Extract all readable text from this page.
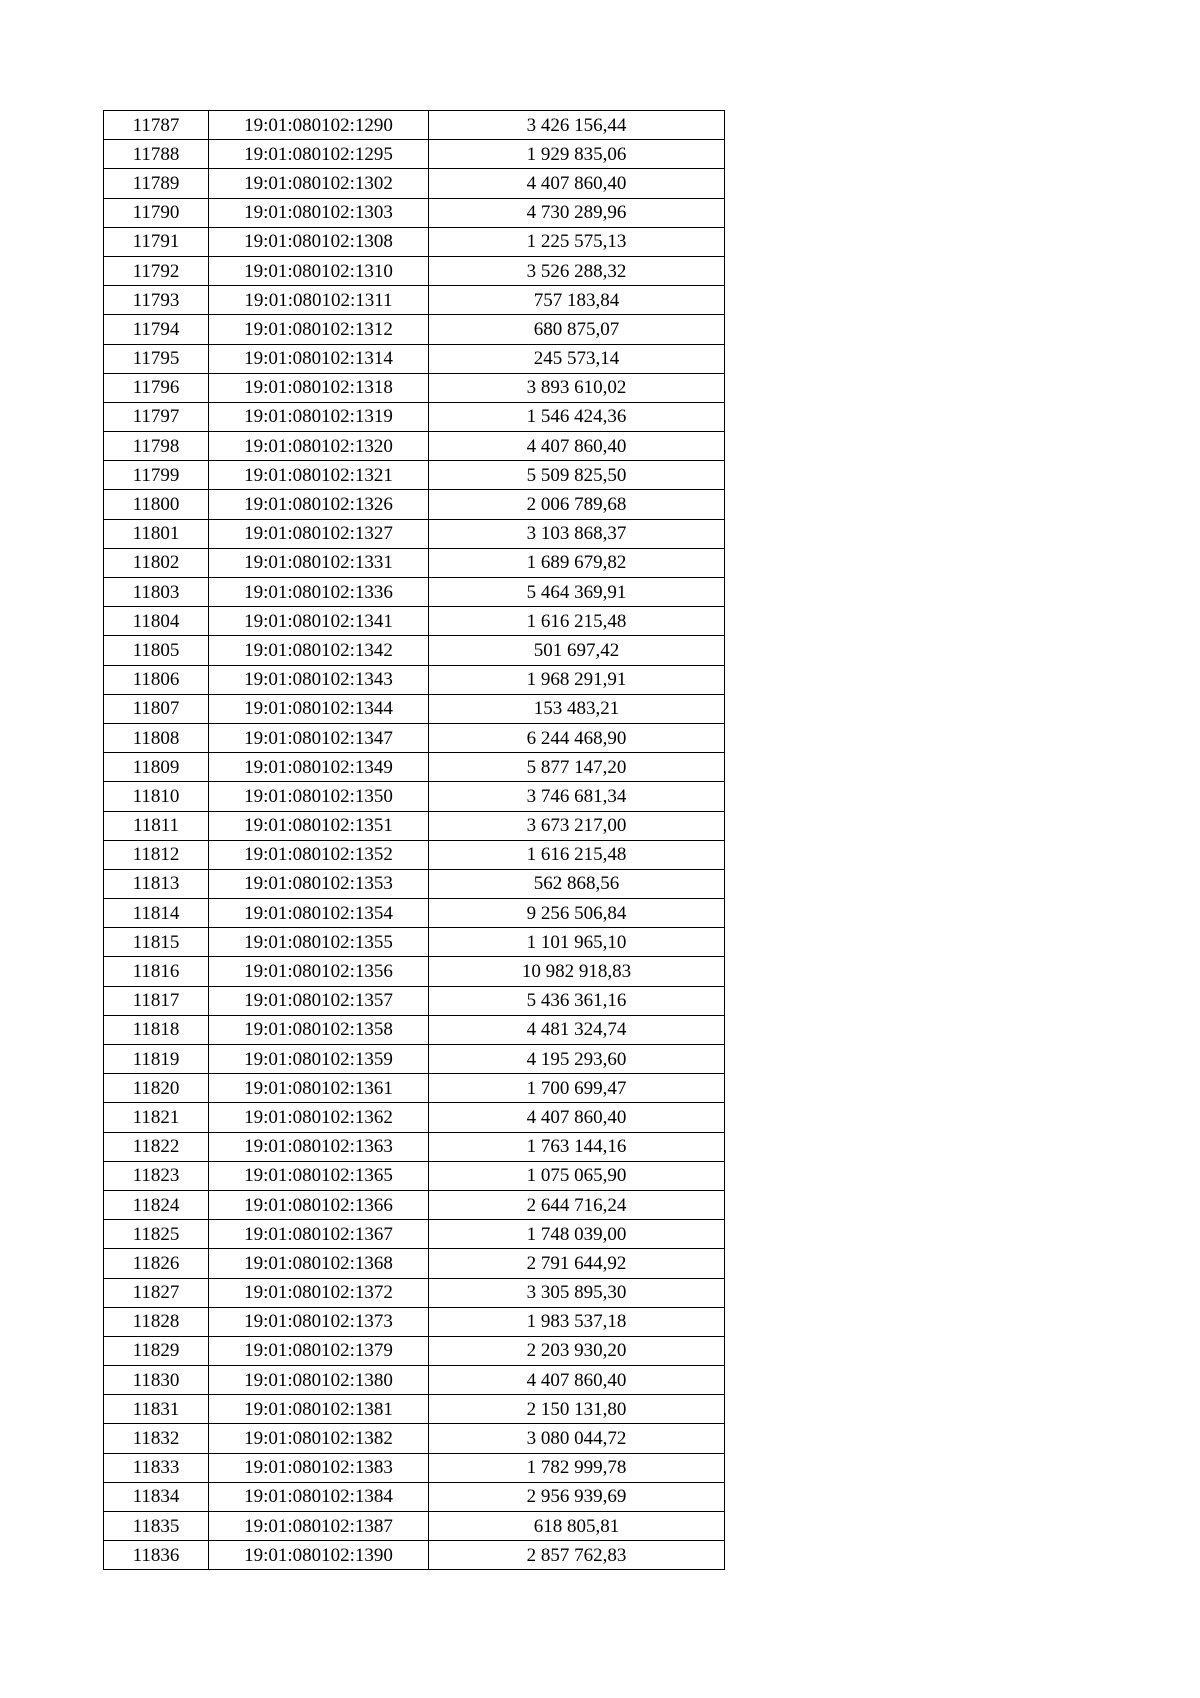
11787	19:01:080102:1290	3 426 156,44
11788	19:01:080102:1295	1 929 835,06
11789	19:01:080102:1302	4 407 860,40
11790	19:01:080102:1303	4 730 289,96
11791	19:01:080102:1308	1 225 575,13
11792	19:01:080102:1310	3 526 288,32
11793	19:01:080102:1311	757 183,84
11794	19:01:080102:1312	680 875,07
11795	19:01:080102:1314	245 573,14
11796	19:01:080102:1318	3 893 610,02
11797	19:01:080102:1319	1 546 424,36
11798	19:01:080102:1320	4 407 860,40
11799	19:01:080102:1321	5 509 825,50
11800	19:01:080102:1326	2 006 789,68
11801	19:01:080102:1327	3 103 868,37
11802	19:01:080102:1331	1 689 679,82
11803	19:01:080102:1336	5 464 369,91
11804	19:01:080102:1341	1 616 215,48
11805	19:01:080102:1342	501 697,42
11806	19:01:080102:1343	1 968 291,91
11807	19:01:080102:1344	153 483,21
11808	19:01:080102:1347	6 244 468,90
11809	19:01:080102:1349	5 877 147,20
11810	19:01:080102:1350	3 746 681,34
11811	19:01:080102:1351	3 673 217,00
11812	19:01:080102:1352	1 616 215,48
11813	19:01:080102:1353	562 868,56
11814	19:01:080102:1354	9 256 506,84
11815	19:01:080102:1355	1 101 965,10
11816	19:01:080102:1356	10 982 918,83
11817	19:01:080102:1357	5 436 361,16
11818	19:01:080102:1358	4 481 324,74
11819	19:01:080102:1359	4 195 293,60
11820	19:01:080102:1361	1 700 699,47
11821	19:01:080102:1362	4 407 860,40
11822	19:01:080102:1363	1 763 144,16
11823	19:01:080102:1365	1 075 065,90
11824	19:01:080102:1366	2 644 716,24
11825	19:01:080102:1367	1 748 039,00
11826	19:01:080102:1368	2 791 644,92
11827	19:01:080102:1372	3 305 895,30
11828	19:01:080102:1373	1 983 537,18
11829	19:01:080102:1379	2 203 930,20
11830	19:01:080102:1380	4 407 860,40
11831	19:01:080102:1381	2 150 131,80
11832	19:01:080102:1382	3 080 044,72
11833	19:01:080102:1383	1 782 999,78
11834	19:01:080102:1384	2 956 939,69
11835	19:01:080102:1387	618 805,81
11836	19:01:080102:1390	2 857 762,83
